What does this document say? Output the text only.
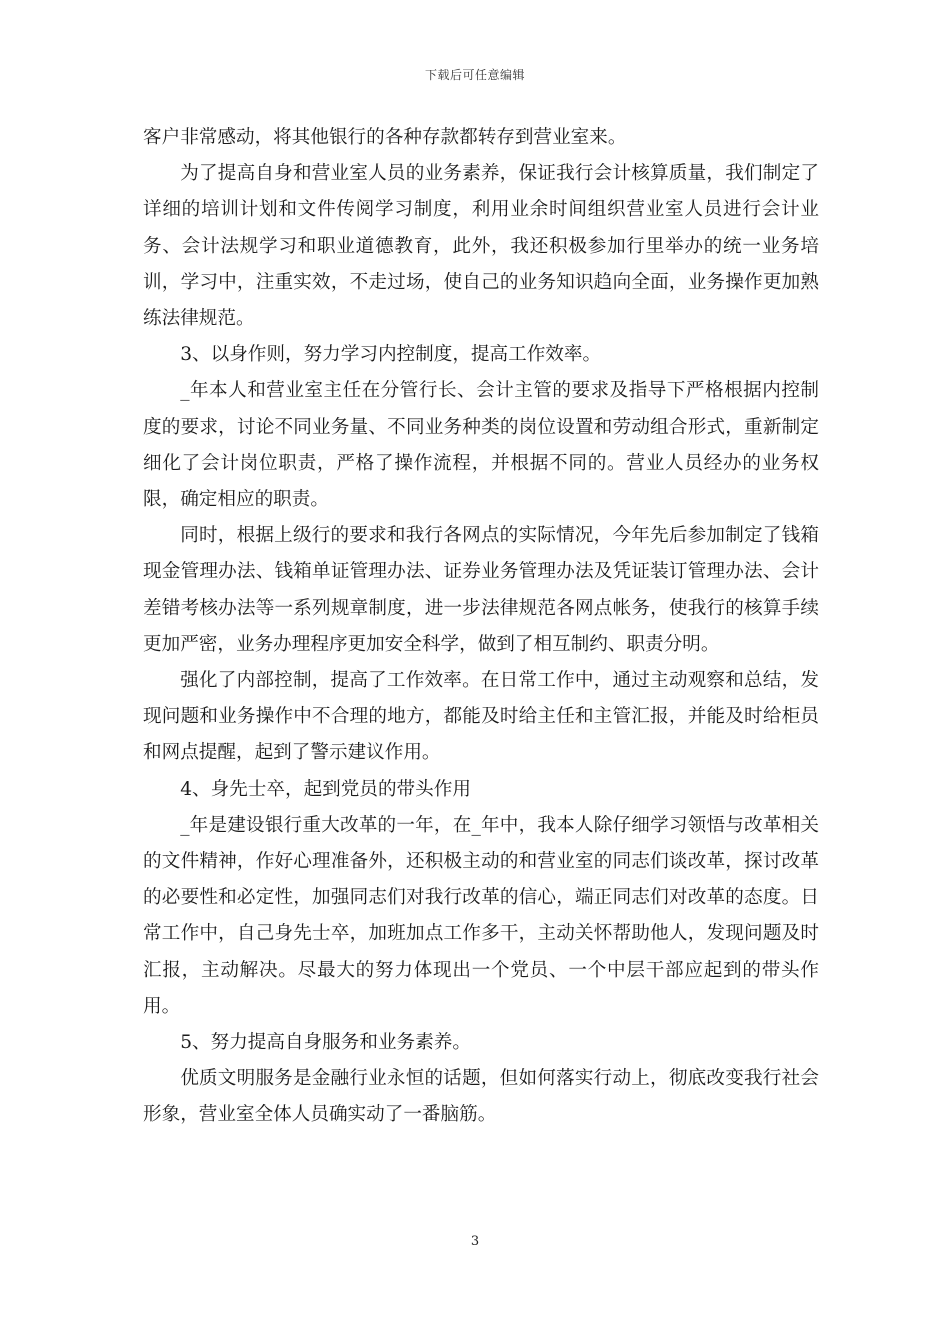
下载后可任意编辑

客户非常感动，将其他银行的各种存款都转存到营业室来。

为了提高自身和营业室人员的业务素养，保证我行会计核算质量，我们制定了详细的培训计划和文件传阅学习制度，利用业余时间组织营业室人员进行会计业务、会计法规学习和职业道德教育，此外，我还积极参加行里举办的统一业务培训，学习中，注重实效，不走过场，使自己的业务知识趋向全面，业务操作更加熟练法律规范。

3、以身作则，努力学习内控制度，提高工作效率。

_年本人和营业室主任在分管行长、会计主管的要求及指导下严格根据内控制度的要求，讨论不同业务量、不同业务种类的岗位设置和劳动组合形式，重新制定细化了会计岗位职责，严格了操作流程，并根据不同的。营业人员经办的业务权限，确定相应的职责。

同时，根据上级行的要求和我行各网点的实际情况，今年先后参加制定了钱箱现金管理办法、钱箱单证管理办法、证券业务管理办法及凭证装订管理办法、会计差错考核办法等一系列规章制度，进一步法律规范各网点帐务，使我行的核算手续更加严密，业务办理程序更加安全科学，做到了相互制约、职责分明。

强化了内部控制，提高了工作效率。在日常工作中，通过主动观察和总结，发现问题和业务操作中不合理的地方，都能及时给主任和主管汇报，并能及时给柜员和网点提醒，起到了警示建议作用。

4、身先士卒，起到党员的带头作用

_年是建设银行重大改革的一年，在_年中，我本人除仔细学习领悟与改革相关的文件精神，作好心理准备外，还积极主动的和营业室的同志们谈改革，探讨改革的必要性和必定性，加强同志们对我行改革的信心，端正同志们对改革的态度。日常工作中，自己身先士卒，加班加点工作多干，主动关怀帮助他人，发现问题及时汇报，主动解决。尽最大的努力体现出一个党员、一个中层干部应起到的带头作用。

5、努力提高自身服务和业务素养。

优质文明服务是金融行业永恒的话题，但如何落实行动上，彻底改变我行社会形象，营业室全体人员确实动了一番脑筋。

3
